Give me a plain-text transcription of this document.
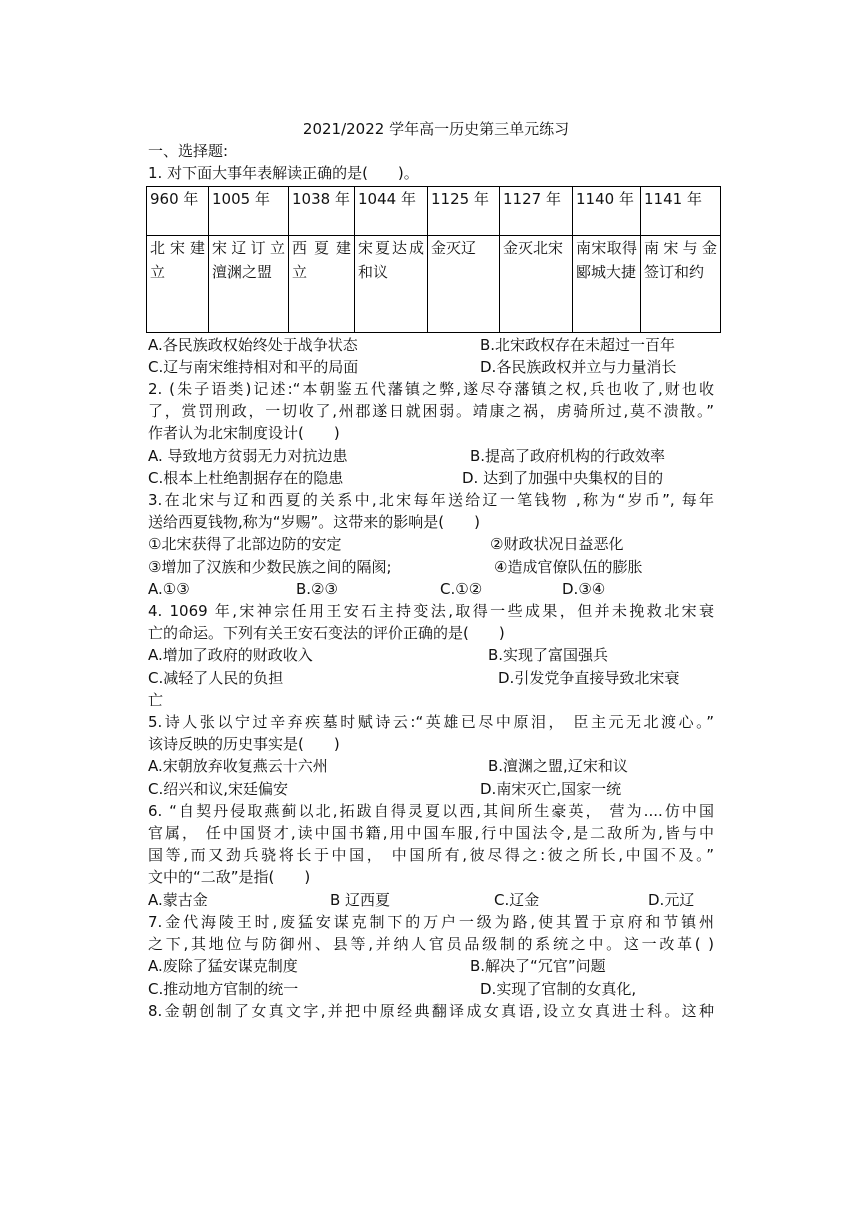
2021/2022 学年高一历史第三单元练习

一、选择题:

1. 对下面大事年表解读正确的是(　　)。

960 年	1005 年	1038 年	1044 年	1125 年	1127 年	1140 年	1141 年
北宋建立	宋辽订立澶渊之盟	西夏建立	宋夏达成和议	金灭辽	金灭北宋	南宋取得郾城大捷	南宋与金签订和约
A.各民族政权始终处于战争状态	B.北宋政权存在未超过一百年
C.辽与南宋维持相对和平的局面	D.各民族政权并立与力量消长

2. (朱子语类)记述:“本朝鉴五代藩镇之弊,遂尽夺藩镇之权,兵也收了,财也收

了，赏罚刑政，一切收了,州郡遂日就困弱。靖康之祸，虏骑所过,莫不溃散。”

作者认为北宋制度设计(　　)

A. 导致地方贫弱无力对抗边患	B.提高了政府机构的行政效率
C.根本上杜绝割据存在的隐患	D. 达到了加强中央集权的目的

3.在北宋与辽和西夏的关系中,北宋每年送给辽一笔钱物 ,称为“岁币”, 每年

送给西夏钱物,称为“岁赐”。这带来的影响是(　　)

①北宋获得了北部边防的安定	②财政状况日益恶化
③增加了汉族和少数民族之间的隔阂;	④造成官僚队伍的膨胀
A.①③	B.②③	C.①②	D.③④

4. 1069 年,宋神宗任用王安石主持变法,取得一些成果，但并未挽救北宋衰

亡的命运。下列有关王安石变法的评价正确的是(　　)

A.增加了政府的财政收入	B.实现了富国强兵
C.减轻了人民的负担	D.引发党争直接导致北宋衰

亡

5.诗人张以宁过辛弃疾墓时赋诗云:“英雄已尽中原泪， 臣主元无北渡心。”

该诗反映的历史事实是(　　)

A.宋朝放弃收复燕云十六州	B.澶渊之盟,辽宋和议
C.绍兴和议,宋廷偏安	D.南宋灭亡,国家一统

6. “自契丹侵取燕蓟以北,拓跋自得灵夏以西,其间所生豪英， 营为....仿中国

官属， 任中国贤才,读中国书籍,用中国车服,行中国法令,是二敌所为,皆与中

国等,而又劲兵骁将长于中国， 中国所有,彼尽得之:彼之所长,中国不及。”

文中的“二敌”是指(　　)

A.蒙古金	B 辽西夏	C.辽金	D.元辽

7.金代海陵王时,废猛安谋克制下的万户一级为路,使其置于京府和节镇州

之下,其地位与防御州、县等,并纳人官员品级制的系统之中。这一改革( )

A.废除了猛安谋克制度	B.解决了“冗官”问题
C.推动地方官制的统一	D.实现了官制的女真化,

8.金朝创制了女真文字,并把中原经典翻译成女真语,设立女真进士科。这种
